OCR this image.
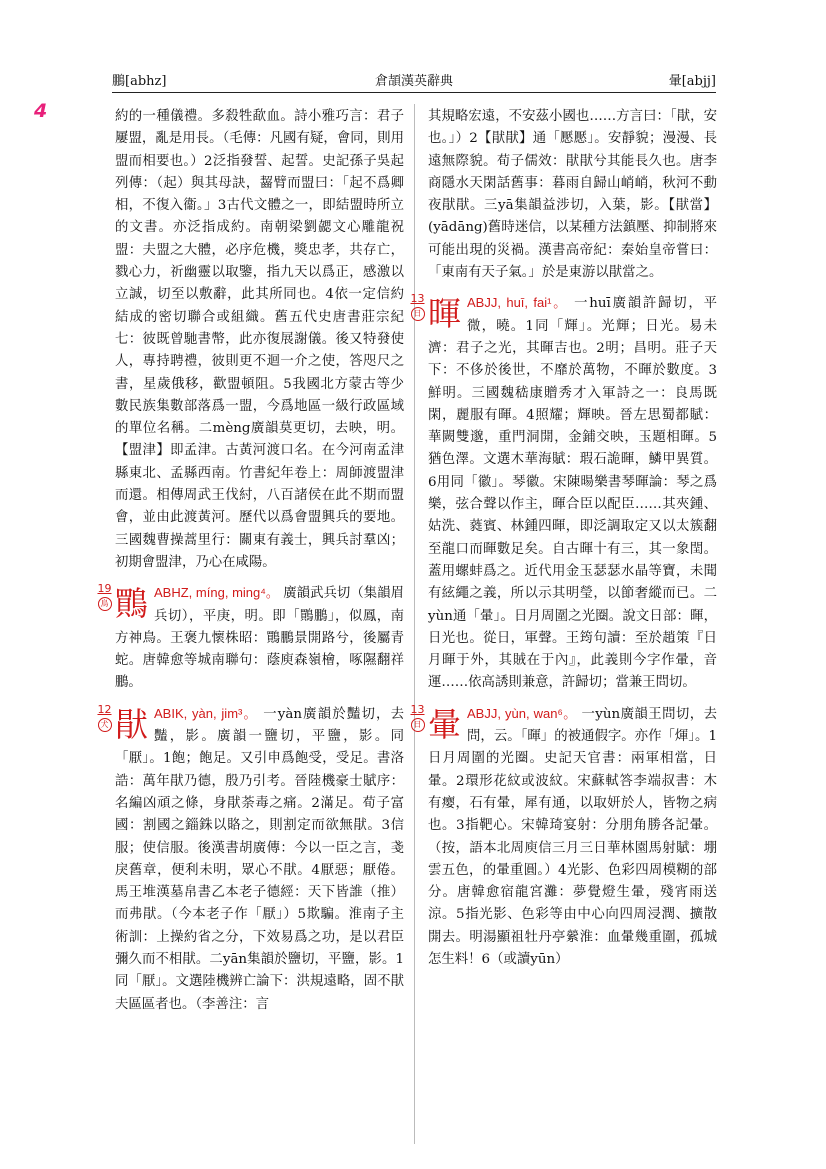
鵬[abhz]	倉頡漢英辭典	暈[abjj]
4	約的一種儀禮。多殺牲歃血。詩小雅巧言：君子屢盟，亂是用長。（毛傳：凡國有疑，會同，則用盟而相要也。）2泛指發誓、起誓。史記孫子吳起列傳：（起）與其母訣，齧臂而盟曰：「起不爲卿相，不復入衞。」3古代文體之一，即結盟時所立的文書。亦泛指成約。南朝梁劉勰文心雕龍祝盟：夫盟之大體，必序危機，獎忠孝，共存亡，戮心力，祈幽靈以取鑒，指九天以爲正，感激以立誠，切至以敷辭，此其所同也。4依一定信約結成的密切聯合或組織。舊五代史唐書莊宗紀七：彼既曾馳書幣，此亦復展謝儀。後又特發使人，專持聘禮，彼則更不迴一介之使，答咫尺之書，星歲俄移，歡盟頓阻。5我國北方蒙古等少數民族集數部落爲一盟，今爲地區一級行政區域的單位名稱。二mèng廣韻莫更切，去映，明。【盟津】即孟津。古黃河渡口名。在今河南孟津縣東北、孟縣西南。竹書紀年卷上：周師渡盟津而還。相傳周武王伐紂，八百諸侯在此不期而盟會，並由此渡黃河。歷代以爲會盟興兵的要地。三國魏曹操蒿里行：關東有義士，興兵討羣凶；初期會盟津，乃心在咸陽。

19
鳥 鷶 ABHZ, míng, ming⁴。 廣韻武兵切（集韻眉兵切），平庚，明。即「鷶鵬」，似鳳，南方神鳥。王褒九懷株昭：鷶鵬景開路兮，後屬青蛇。唐韓愈等城南聯句：蔭庾森嶺檜，啄隰翻祥鵬。
12
犬 猒 ABIK, yàn, jim³。 一yàn廣韻於豔切，去豔，影。廣韻一鹽切，平鹽，影。同「厭」。1飽；飽足。又引申爲飽受，受足。書洛誥：萬年猒乃德，殷乃引考。晉陸機豪士賦序：名編凶頑之條，身猒荼毒之痛。2滿足。荀子富國：割國之錙銖以賂之，則割定而欲無猒。3信服；使信服。後漢書胡廣傳：今以一臣之言，戔戾舊章，便利未明，眾心不猒。4厭惡；厭倦。馬王堆漢墓帛書乙本老子德經：天下皆誰（推）而弗猒。（今本老子作「厭」）5欺騙。淮南子主術訓：上操約省之分，下效易爲之功，是以君臣彌久而不相猒。二yān集韻於鹽切，平鹽，影。1同「厭」。文選陸機辨亡論下：洪規遠略，固不猒夫區區者也。（李善注：言

其規略宏遠，不安茲小國也……方言曰：「猒，安也。」）2【猒猒】通「懕懕」。安靜貌；漫漫、長遠無際貌。荀子儒效：猒猒兮其能長久也。唐李商隱水天閑話舊事：暮雨自歸山峭峭，秋河不動夜猒猒。三yā集韻益涉切，入葉，影。【猒當】(yādāng)舊時迷信，以某種方法鎮壓、抑制將來可能出現的災禍。漢書高帝紀：秦始皇帝嘗曰：「東南有天子氣。」於是東游以猒當之。

13
日 暉 ABJJ, huī, fai¹。 一huī廣韻許歸切，平微，曉。1同「輝」。光輝；日光。易未濟：君子之光，其暉吉也。2明；昌明。莊子天下：不侈於後世，不靡於萬物，不暉於數度。3鮮明。三國魏嵇康贈秀才入軍詩之一：良馬既閑，麗服有暉。4照耀；輝映。晉左思蜀都賦：華闕雙邈，重門洞開，金鋪交映，玉題相暉。5猶色澤。文選木華海賦：瑕石詭暉，鱗甲異質。6用同「徽」。琴徽。宋陳暘樂書琴暉論：琴之爲樂，弦合聲以作主，暉合臣以配臣……其夾鍾、姑洗、蕤賓、林鍾四暉，即泛調取定又以太簇翻至龍口而暉數足矣。自古暉十有三，其一象閏。蓋用螺蚌爲之。近代用金玉瑟瑟水晶等寶，未聞有絃繩之義，所以示其明瑩，以節奢縱而已。二yùn通「暈」。日月周圍之光圈。說文日部：暉，日光也。從日，軍聲。王筠句讀：至於趙策『日月暉于外，其賊在于內』，此義則今字作暈，音運……依高誘則兼意，許歸切；當兼王問切。
13
日 暈 ABJJ, yùn, wan⁶。 一yùn廣韻王問切，去問，云。「暉」的被通假字。亦作「煇」。1日月周圍的光圈。史記天官書：兩軍相當，日暈。2環形花紋或波紋。宋蘇軾答李端叔書：木有瘿，石有暈，犀有通，以取妍於人，皆物之病也。3指靶心。宋韓琦宴射：分朋角勝各記暈。（按，語本北周庾信三月三日華林園馬射賦：堋雲五色，的暈重圓。）4光影、色彩四周模糊的部分。唐韓愈宿龍宮灘：夢覺燈生暈，殘宵雨送涼。5指光影、色彩等由中心向四周浸潤、擴散開去。明湯顯祖牡丹亭縈淮：血暈幾重圍，孤城怎生料！6（或讀yūn）
